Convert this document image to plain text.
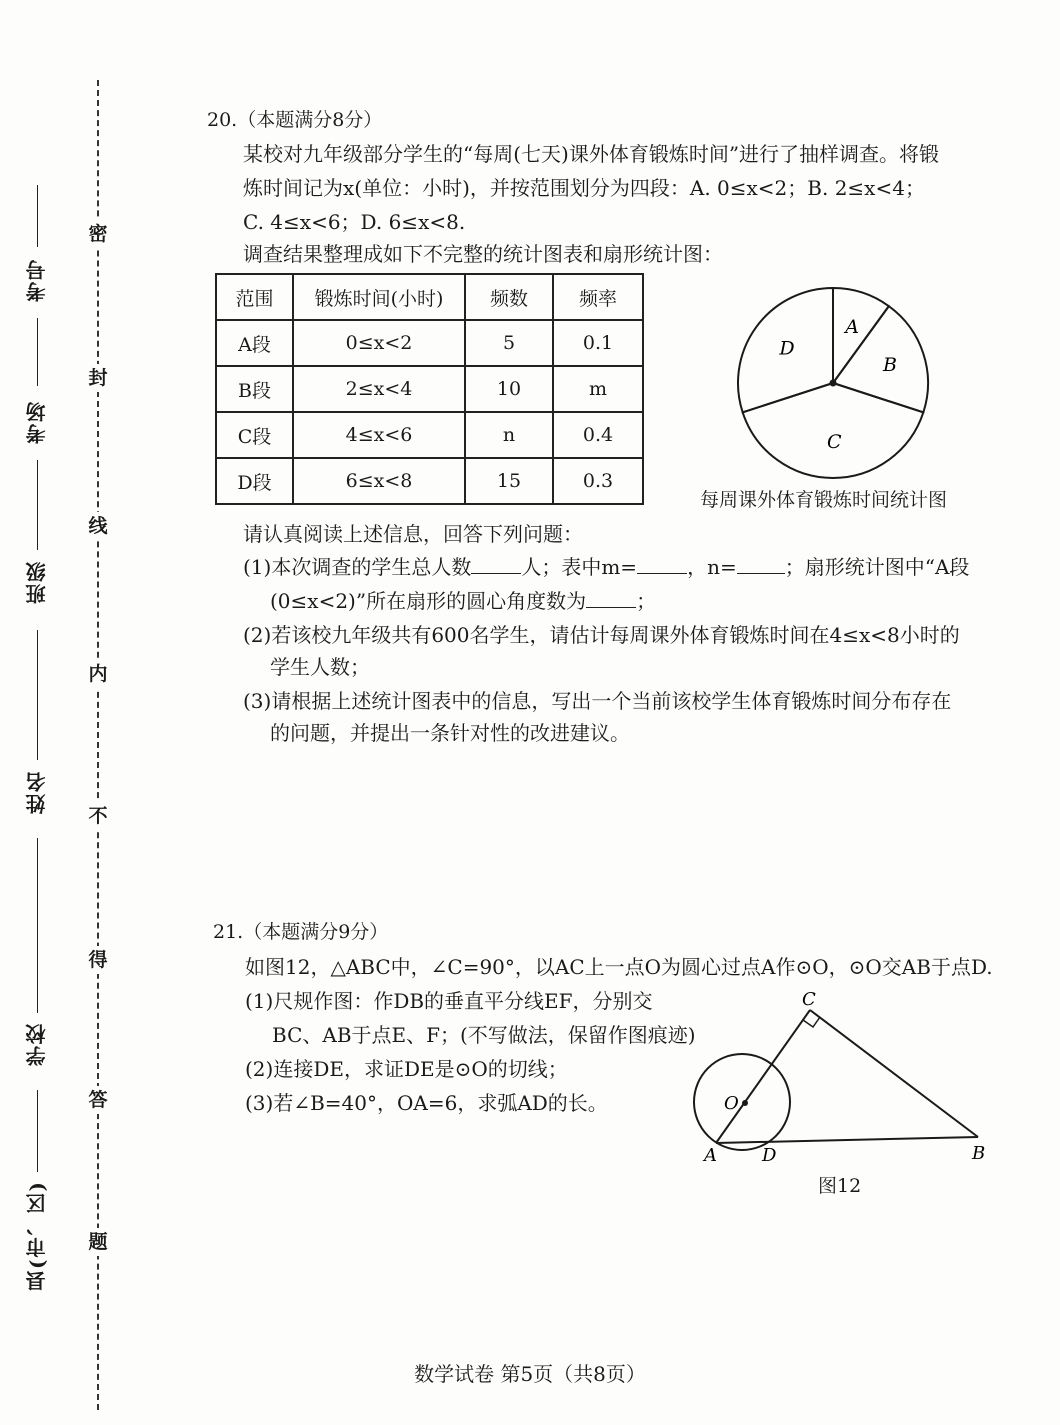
考号
考场
班级
姓名
学校
县(市、区)
密
封
线
内
不
得
答
题
20.（本题满分8分）
某校对九年级部分学生的“每周(七天)课外体育锻炼时间”进行了抽样调查。将锻
炼时间记为x(单位：小时)，并按范围划分为四段：A. 0≤x<2；B. 2≤x<4；
C. 4≤x<6；D. 6≤x<8.
调查结果整理成如下不完整的统计图表和扇形统计图：
范围	锻炼时间(小时)	频数	频率
A段	0≤x<2	5	0.1
B段	2≤x<4	10	m
C段	4≤x<6	n	0.4
D段	6≤x<8	15	0.3
A
B
C
D
每周课外体育锻炼时间统计图
请认真阅读上述信息，回答下列问题：
(1)本次调查的学生总人数	人；表中m=	，n= ；扇形统计图中“A段
(0≤x<2)”所在扇形的圆心角度数为	；
(2)若该校九年级共有600名学生，请估计每周课外体育锻炼时间在4≤x<8小时的
学生人数；
(3)请根据上述统计图表中的信息，写出一个当前该校学生体育锻炼时间分布存在
的问题，并提出一条针对性的改进建议。
21.（本题满分9分）
如图12，△ABC中，∠C=90°，以AC上一点O为圆心过点A作⊙O，⊙O交AB于点D.
(1)尺规作图：作DB的垂直平分线EF，分别交
BC、AB于点E、F；(不写做法，保留作图痕迹)
(2)连接DE，求证DE是⊙O的切线；
(3)若∠B=40°，OA=6，求弧AD的长。
C
O
A	D	B
图12
数学试卷 第5页（共8页）
